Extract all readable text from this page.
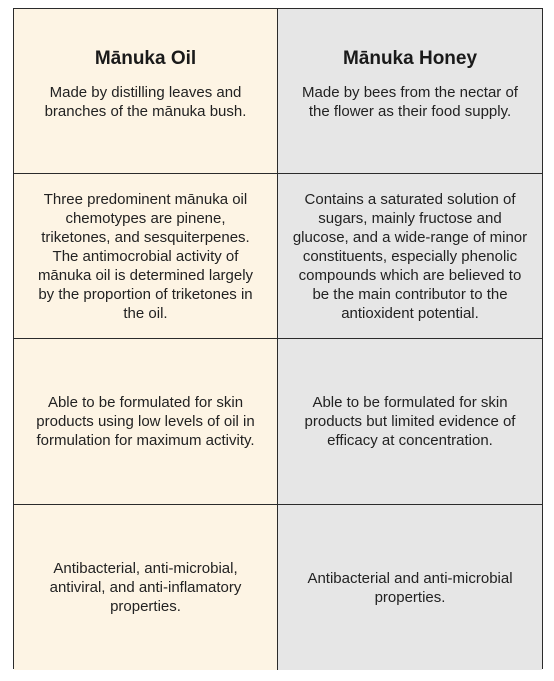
Mānuka Oil

Made by distilling leaves and branches of the mānuka bush.

Mānuka Honey

Made by bees from the nectar of the flower as their food supply.

Three predominent mānuka oil chemotypes are pinene, triketones, and sesquiterpenes. The antimocrobial activity of mānuka oil is determined largely by the proportion of triketones in the oil.

Contains a saturated solution of sugars, mainly fructose and glucose, and a wide-range of minor constituents, especially phenolic compounds which are believed to be the main contributor to the antioxident potential.

Able to be formulated for skin products using low levels of oil in formulation for maximum activity.

Able to be formulated for skin products but limited evidence of efficacy at concentration.

Antibacterial, anti-microbial, antiviral, and anti-inflamatory properties.

Antibacterial and anti-microbial properties.
